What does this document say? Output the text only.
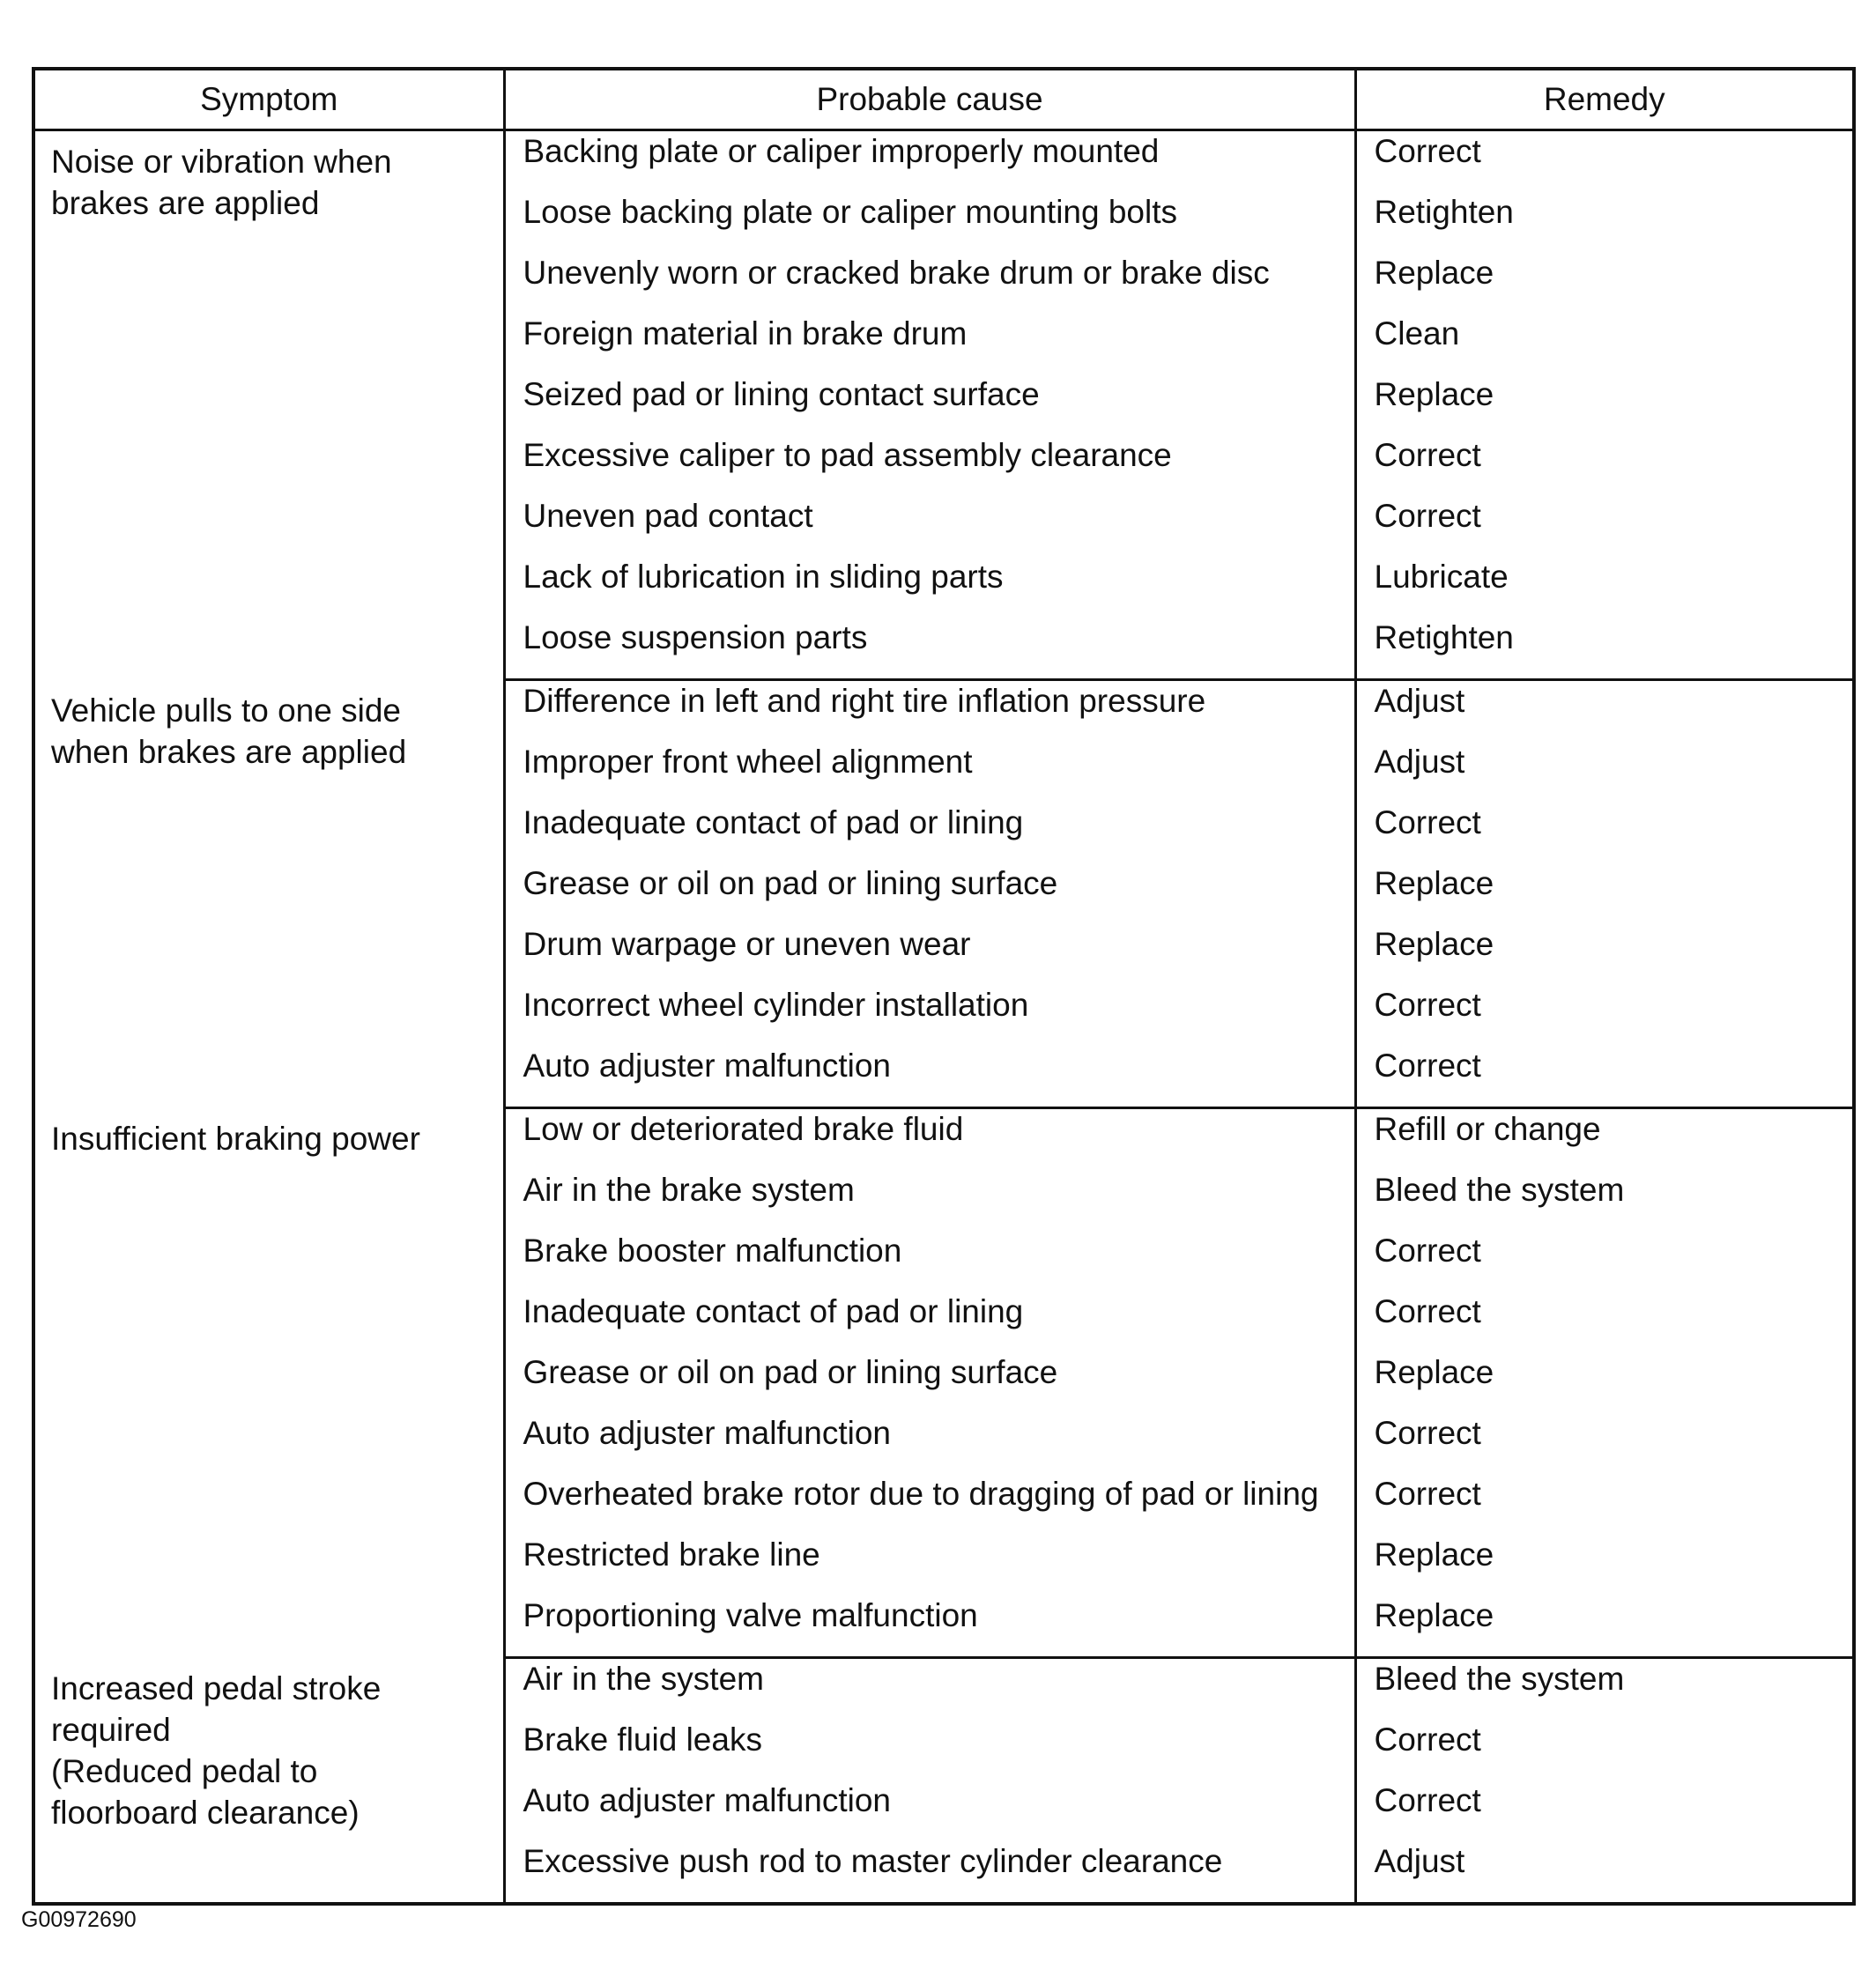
Symptom	Probable cause	Remedy
Noise or vibration when brakes are applied	Backing plate or caliper improperly mounted	Correct
	Loose backing plate or caliper mounting bolts	Retighten
	Unevenly worn or cracked brake drum or brake disc	Replace
	Foreign material in brake drum	Clean
	Seized pad or lining contact surface	Replace
	Excessive caliper to pad assembly clearance	Correct
	Uneven pad contact	Correct
	Lack of lubrication in sliding parts	Lubricate
	Loose suspension parts	Retighten
Vehicle pulls to one side when brakes are applied	Difference in left and right tire inflation pressure	Adjust
	Improper front wheel alignment	Adjust
	Inadequate contact of pad or lining	Correct
	Grease or oil on pad or lining surface	Replace
	Drum warpage or uneven wear	Replace
	Incorrect wheel cylinder installation	Correct
	Auto adjuster malfunction	Correct
Insufficient braking power	Low or deteriorated brake fluid	Refill or change
	Air in the brake system	Bleed the system
	Brake booster malfunction	Correct
	Inadequate contact of pad or lining	Correct
	Grease or oil on pad or lining surface	Replace
	Auto adjuster malfunction	Correct
	Overheated brake rotor due to dragging of pad or lining	Correct
	Restricted brake line	Replace
	Proportioning valve malfunction	Replace

Increased pedal stroke
required
(Reduced pedal to
floorboard clearance)	Air in the system	Bleed the system
	Brake fluid leaks	Correct
	Auto adjuster malfunction	Correct
	Excessive push rod to master cylinder clearance	Adjust
G00972690
